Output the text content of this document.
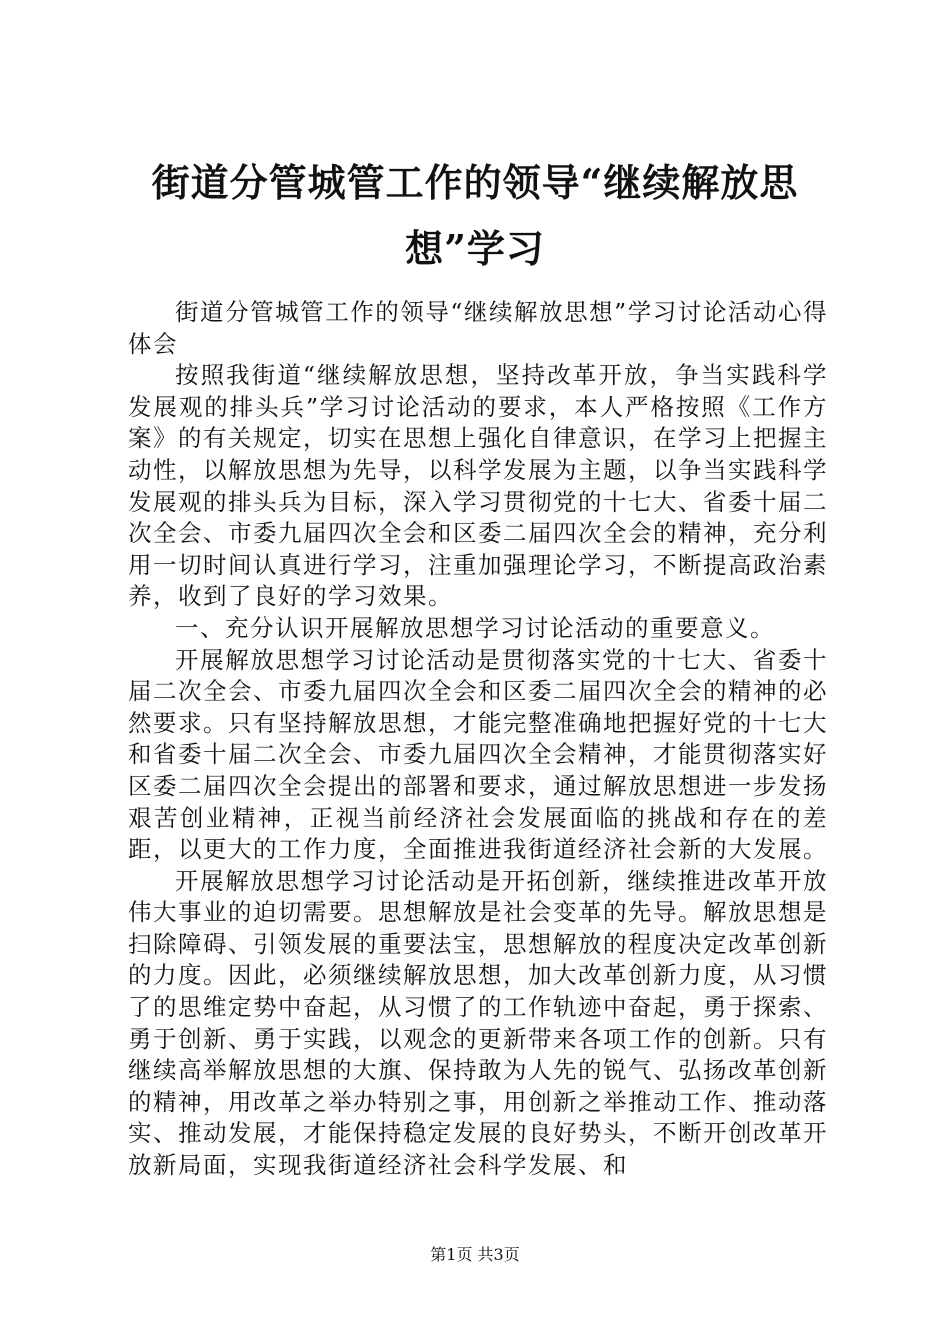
街道分管城管工作的领导“继续解放思想”学习

街道分管城管工作的领导“继续解放思想”学习讨论活动心得体会

按照我街道“继续解放思想，坚持改革开放，争当实践科学发展观的排头兵”学习讨论活动的要求，本人严格按照《工作方案》的有关规定，切实在思想上强化自律意识，在学习上把握主动性，以解放思想为先导，以科学发展为主题，以争当实践科学发展观的排头兵为目标，深入学习贯彻党的十七大、省委十届二次全会、市委九届四次全会和区委二届四次全会的精神，充分利用一切时间认真进行学习，注重加强理论学习，不断提高政治素养，收到了良好的学习效果。

一、充分认识开展解放思想学习讨论活动的重要意义。

开展解放思想学习讨论活动是贯彻落实党的十七大、省委十届二次全会、市委九届四次全会和区委二届四次全会的精神的必然要求。只有坚持解放思想，才能完整准确地把握好党的十七大和省委十届二次全会、市委九届四次全会精神，才能贯彻落实好区委二届四次全会提出的部署和要求，通过解放思想进一步发扬艰苦创业精神，正视当前经济社会发展面临的挑战和存在的差距，以更大的工作力度，全面推进我街道经济社会新的大发展。

开展解放思想学习讨论活动是开拓创新，继续推进改革开放伟大事业的迫切需要。思想解放是社会变革的先导。解放思想是扫除障碍、引领发展的重要法宝，思想解放的程度决定改革创新的力度。因此，必须继续解放思想，加大改革创新力度，从习惯了的思维定势中奋起，从习惯了的工作轨迹中奋起，勇于探索、勇于创新、勇于实践，以观念的更新带来各项工作的创新。只有继续高举解放思想的大旗、保持敢为人先的锐气、弘扬改革创新的精神，用改革之举办特别之事，用创新之举推动工作、推动落实、推动发展，才能保持稳定发展的良好势头，不断开创改革开放新局面，实现我街道经济社会科学发展、和

第1页 共3页
